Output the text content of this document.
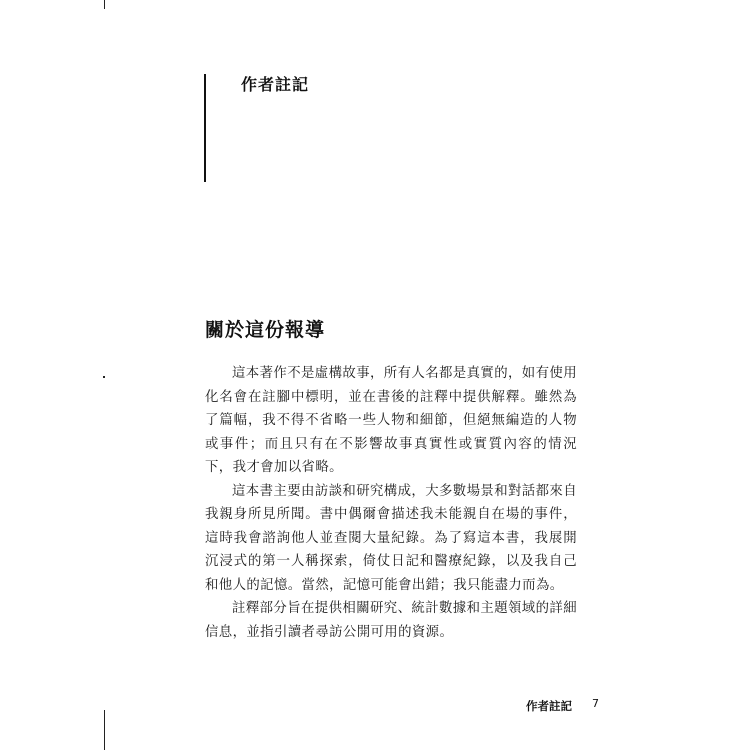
作者註記
關於這份報導

這本著作不是虛構故事，所有人名都是真實的，如有使用化名會在註腳中標明，並在書後的註釋中提供解釋。雖然為了篇幅，我不得不省略一些人物和細節，但絕無編造的人物或事件；而且只有在不影響故事真實性或實質內容的情況下，我才會加以省略。

這本書主要由訪談和研究構成，大多數場景和對話都來自我親身所見所聞。書中偶爾會描述我未能親自在場的事件，這時我會諮詢他人並查閱大量紀錄。為了寫這本書，我展開沉浸式的第一人稱探索，倚仗日記和醫療紀錄，以及我自己和他人的記憶。當然，記憶可能會出錯；我只能盡力而為。

註釋部分旨在提供相關研究、統計數據和主題領域的詳細信息，並指引讀者尋訪公開可用的資源。

作者註記 7
